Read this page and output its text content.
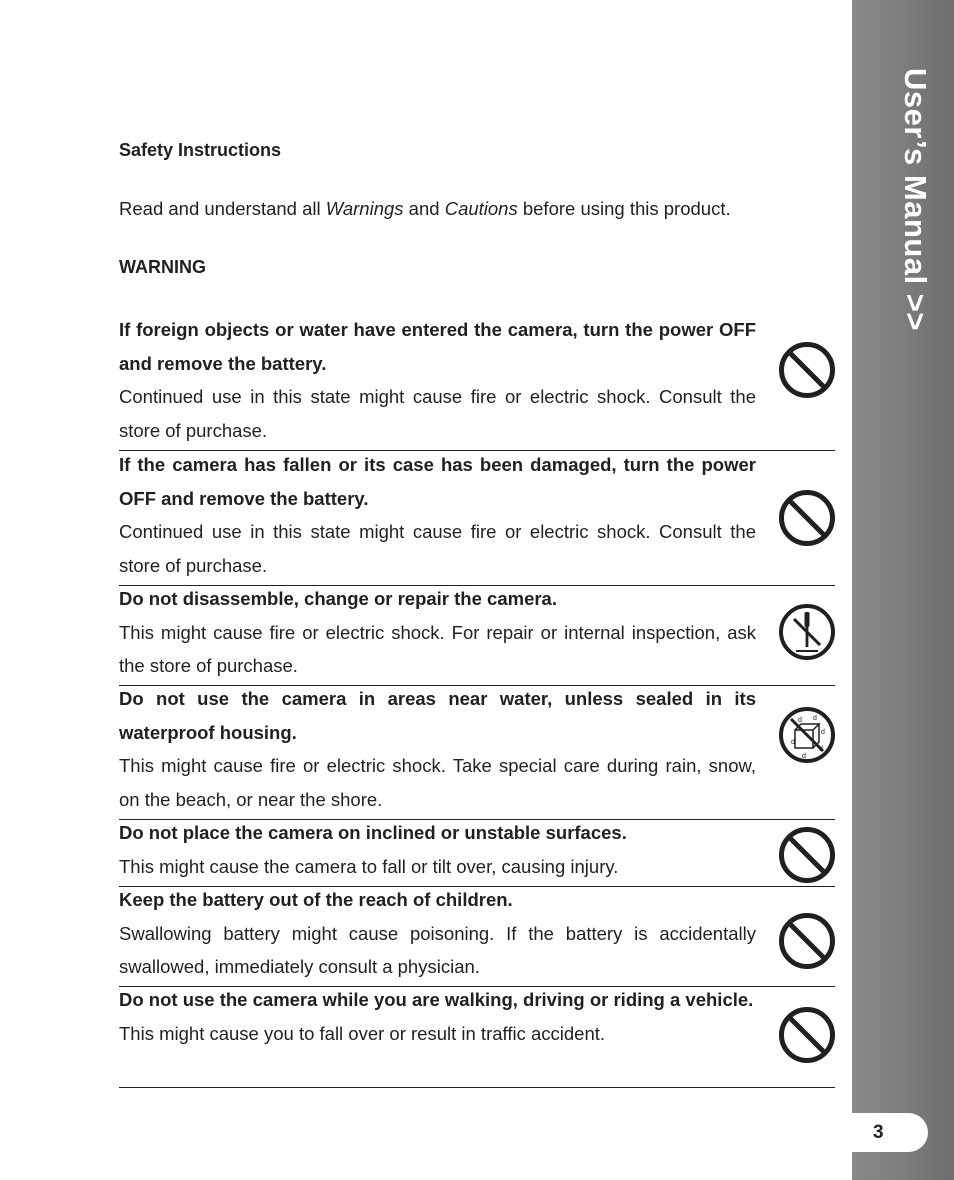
User’s Manual >>
3
Safety Instructions
Read and understand all Warnings and Cautions before using this product.
WARNING
If foreign objects or water have entered the camera, turn the power OFF and remove the battery.
Continued use in this state might cause fire or electric shock. Consult the store of purchase.
If the camera has fallen or its case has been damaged, turn the power OFF and remove the battery.
Continued use in this state might cause fire or electric shock. Consult the store of purchase.
Do not disassemble, change or repair the camera.
This might cause fire or electric shock. For repair or internal inspection, ask the store of purchase.
Do not use the camera in areas near water, unless sealed in its waterproof housing.
This might cause fire or electric shock. Take special care during rain, snow, on the beach, or near the shore.
d
d d
d
d
Do not place the camera on inclined or unstable surfaces.
This might cause the camera to fall or tilt over, causing injury.
Keep the battery out of the reach of children.
Swallowing battery might cause poisoning. If the battery is accidentally swallowed, immediately consult a physician.
Do not use the camera while you are walking, driving or riding a vehicle.
This might cause you to fall over or result in traffic accident.
